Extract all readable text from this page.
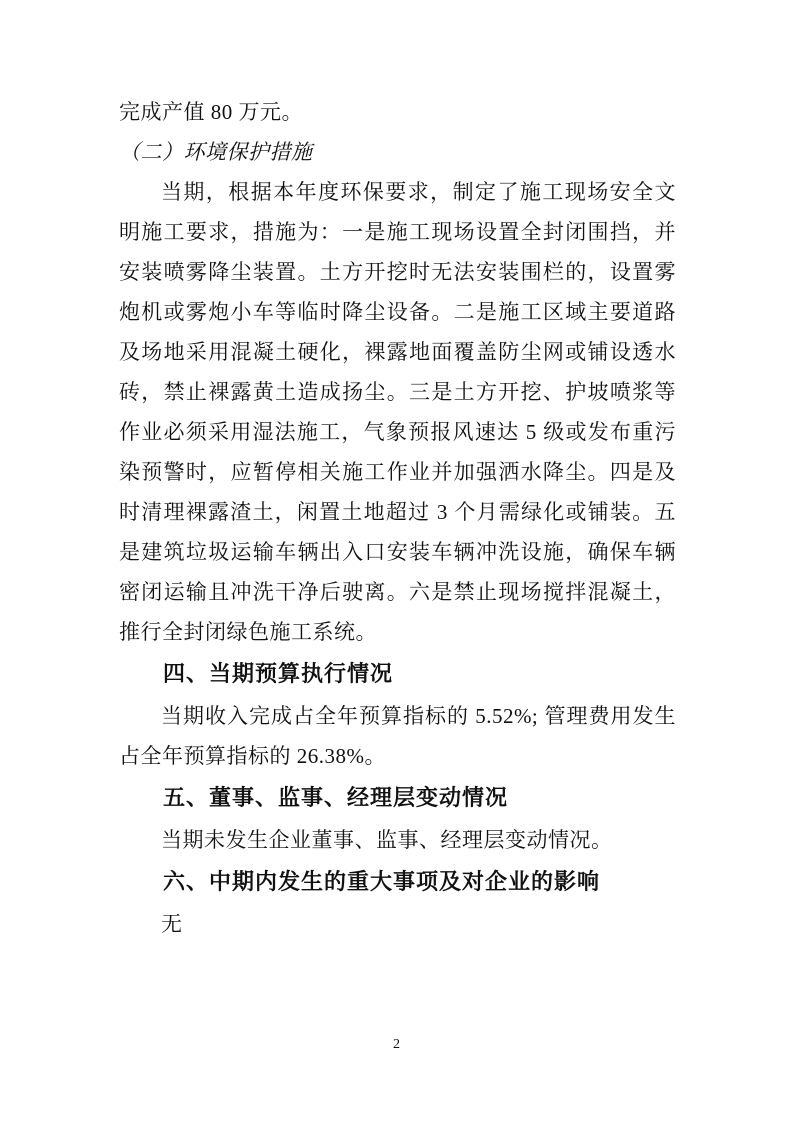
完成产值 80 万元。

（二）环境保护措施

当期，根据本年度环保要求，制定了施工现场安全文明施工要求，措施为：一是施工现场设置全封闭围挡，并安装喷雾降尘装置。土方开挖时无法安装围栏的，设置雾炮机或雾炮小车等临时降尘设备。二是施工区域主要道路及场地采用混凝土硬化，裸露地面覆盖防尘网或铺设透水砖，禁止裸露黄土造成扬尘。三是土方开挖、护坡喷浆等作业必须采用湿法施工，气象预报风速达 5 级或发布重污染预警时，应暂停相关施工作业并加强洒水降尘。四是及时清理裸露渣土，闲置土地超过 3 个月需绿化或铺装。五是建筑垃圾运输车辆出入口安装车辆冲洗设施，确保车辆密闭运输且冲洗干净后驶离。六是禁止现场搅拌混凝土，推行全封闭绿色施工系统。

四、当期预算执行情况

当期收入完成占全年预算指标的 5.52%; 管理费用发生占全年预算指标的 26.38%。

五、董事、监事、经理层变动情况

当期未发生企业董事、监事、经理层变动情况。

六、中期内发生的重大事项及对企业的影响

无

2
